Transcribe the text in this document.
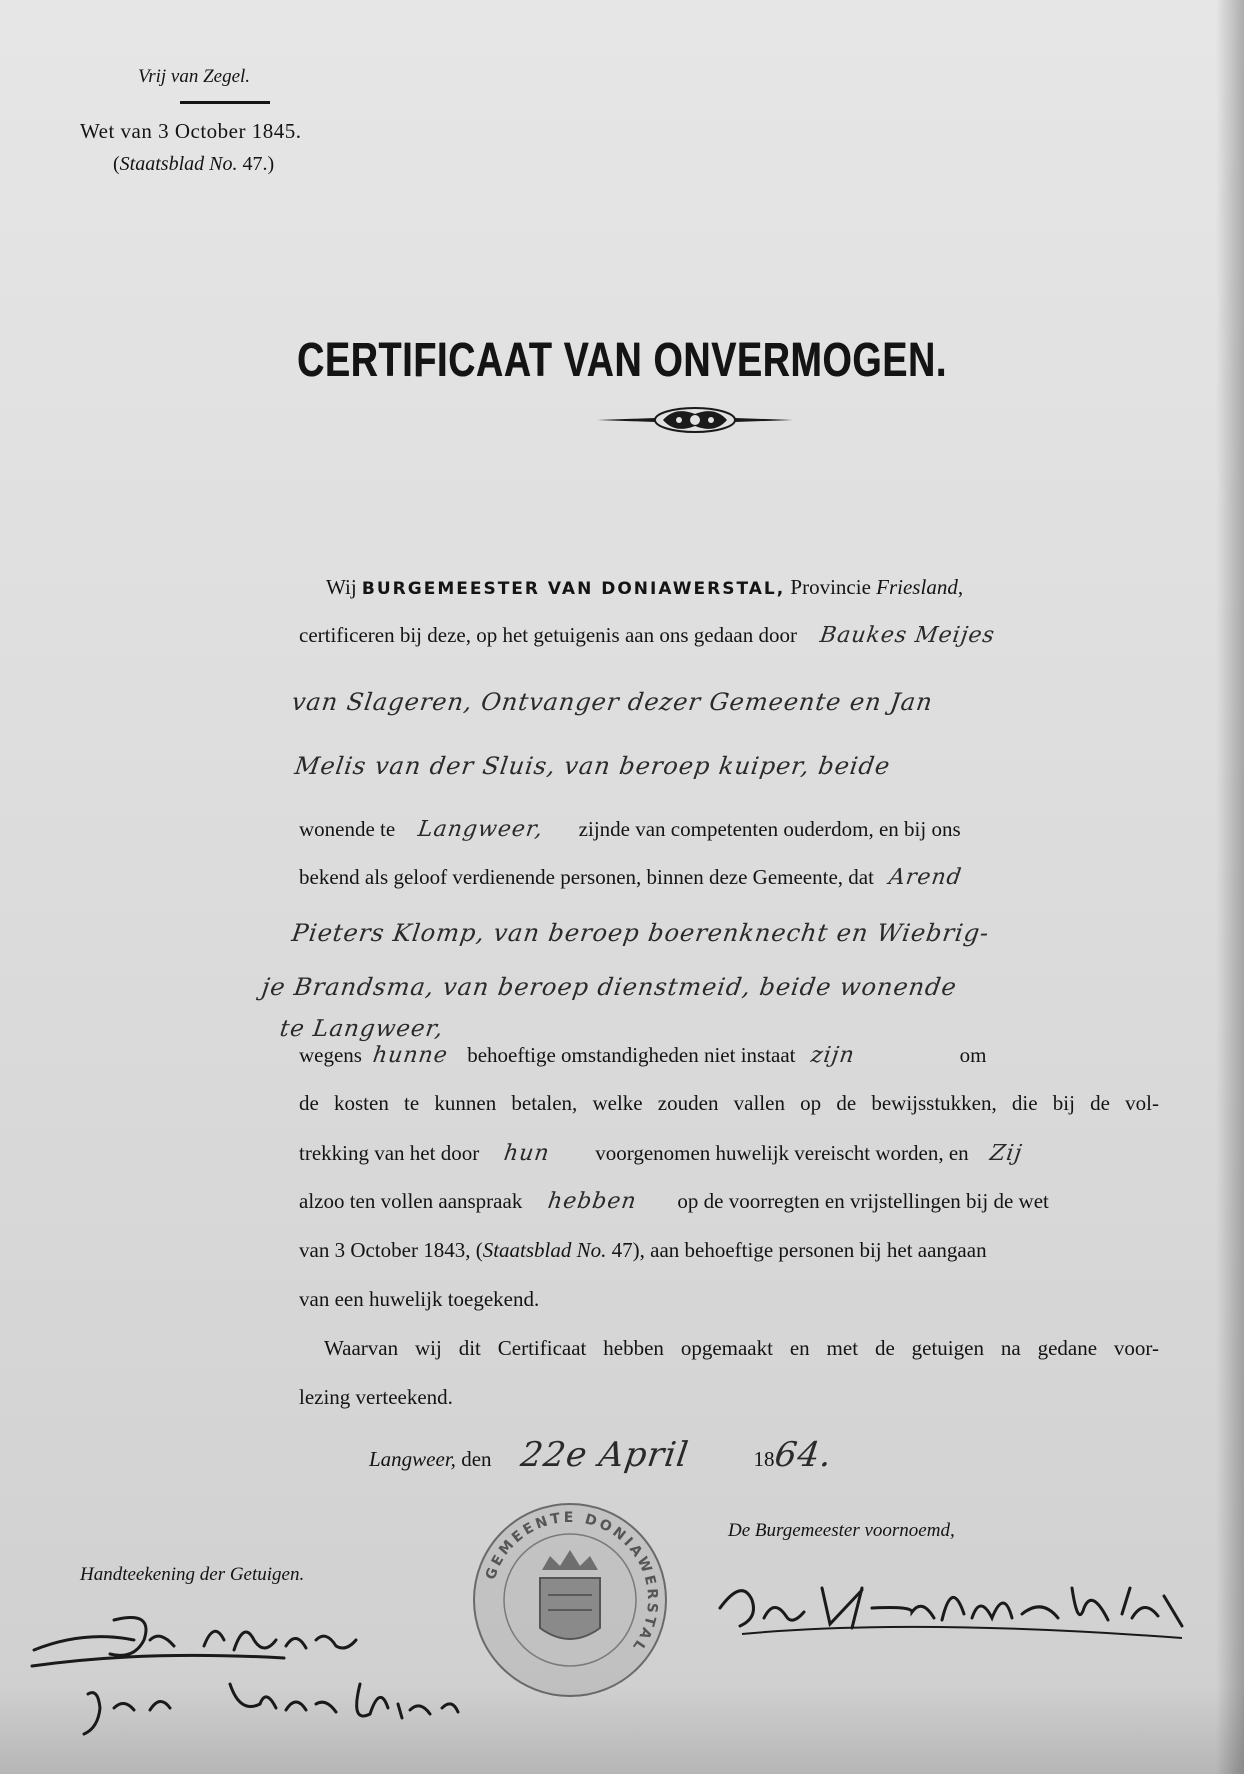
Vrij van Zegel.
Wet van 3 October 1845.
(Staatsblad No. 47.)
CERTIFICAAT VAN ONVERMOGEN.
Wij BURGEMEESTER VAN DONIAWERSTAL, Provincie Friesland,
certificeren bij deze, op het getuigenis aan ons gedaan door Baukes Meijes
van Slageren, Ontvanger dezer Gemeente en Jan
Melis van der Sluis, van beroep kuiper, beide
wonende te Langweer, zijnde van competenten ouderdom, en bij ons
bekend als geloof verdienende personen, binnen deze Gemeente, dat Arend
Pieters Klomp, van beroep boerenknecht en Wiebrig-
je Brandsma, van beroep dienstmeid, beide wonende
te Langweer,
wegens hunne behoeftige omstandigheden niet instaat zijn	om
de kosten te kunnen betalen, welke zouden vallen op de bewijsstukken, die bij de vol-
trekking van het door hun voorgenomen huwelijk vereischt worden, en Zij
alzoo ten vollen aanspraak hebben op de voorregten en vrijstellingen bij de wet
van 3 October 1843, (Staatsblad No. 47), aan behoeftige personen bij het aangaan
van een huwelijk toegekend.
Waarvan wij dit Certificaat hebben opgemaakt en met de getuigen na gedane voor-
lezing verteekend.
Langweer, den 22e April	1864.
GEMEENTE DONIAWERSTAL
De Burgemeester voornoemd,
Handteekening der Getuigen.
